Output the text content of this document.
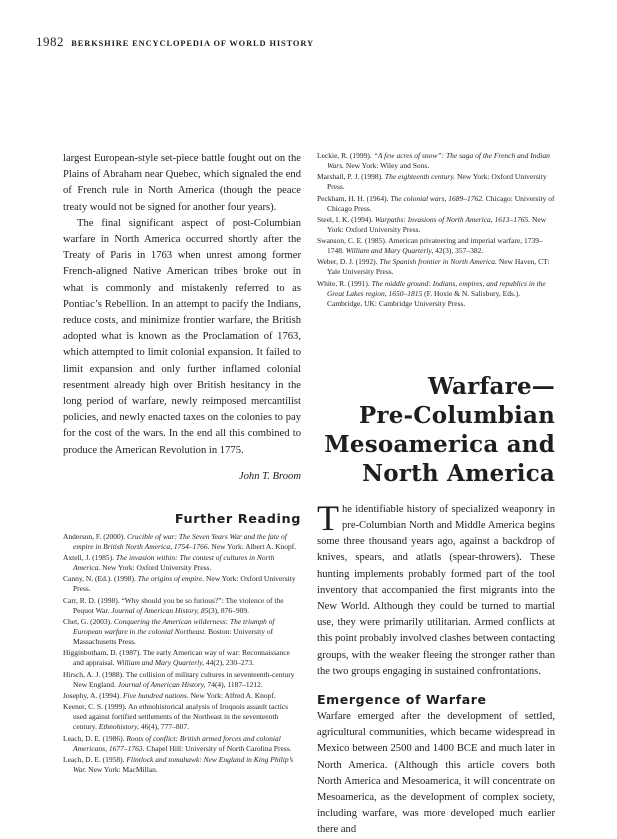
1982 BERKSHIRE ENCYCLOPEDIA OF WORLD HISTORY

largest European-style set-piece battle fought out on the Plains of Abraham near Quebec, which signaled the end of French rule in North America (though the peace treaty would not be signed for another four years).

The final significant aspect of post-Columbian warfare in North America occurred shortly after the Treaty of Paris in 1763 when unrest among former French-aligned Native American tribes broke out in what is commonly and mistakenly referred to as Pontiac’s Rebellion. In an attempt to pacify the Indians, reduce costs, and minimize frontier warfare, the British adopted what is known as the Proclamation of 1763, which attempted to limit colonial expansion. It failed to limit expansion and only further inflamed colonial resentment already high over British hesitancy in the long period of warfare, newly reimposed mercantilist policies, and newly enacted taxes on the colonies to pay for the cost of the wars. In the end all this combined to produce the American Revolution in 1775.

John T. Broom
Further Reading

Anderson, F. (2000). Crucible of war: The Seven Years War and the fate of empire in British North America, 1754–1766. New York: Albert A. Knopf.

Axtell, J. (1985). The invasion within: The contest of cultures in North America. New York: Oxford University Press.

Canny, N. (Ed.). (1998). The origins of empire. New York: Oxford University Press.

Carr, R. D. (1998). “Why should you be so furious?”: The violence of the Pequot War. Journal of American History, 85(3), 876–909.

Chet, G. (2003). Conquering the American wilderness: The triumph of European warfare in the colonial Northeast. Boston: University of Massachusetts Press.

Higginbotham, D. (1987). The early American way of war: Reconnaissance and appraisal. William and Mary Quarterly, 44(2), 230–273.

Hirsch, A. J. (1988). The collision of military cultures in seventeenth-century New England. Journal of American History, 74(4), 1187–1212.

Josephy, A. (1994). Five hundred nations. New York: Alfred A. Knopf.

Keener, C. S. (1999). An ethnohistorical analysis of Iroquois assault tactics used against fortified settlements of the Northeast in the seventeenth century. Ethnohistory, 46(4), 777–807.

Leach, D. E. (1986). Roots of conflict: British armed forces and colonial Americans, 1677–1763. Chapel Hill: University of North Carolina Press.

Leach, D. E. (1958). Flintlock and tomahawk: New England in King Philip’s War. New York: MacMillan.

Leckie, R. (1999). “A few acres of snow”: The saga of the French and Indian Wars. New York: Wiley and Sons.

Marshall, P. J. (1998). The eighteenth century. New York: Oxford University Press.

Peckham, H. H. (1964). The colonial wars, 1689–1762. Chicago: University of Chicago Press.

Steel, I. K. (1994). Warpaths: Invasions of North America, 1613–1765. New York: Oxford University Press.

Swanson, C. E. (1985). American privateering and imperial warfare, 1739–1748. William and Mary Quarterly, 42(3), 357–382.

Weber, D. J. (1992). The Spanish frontier in North America. New Haven, CT: Yale University Press.

White, R. (1991). The middle ground: Indians, empires, and republics in the Great Lakes region, 1650–1815 (F. Hoxie & N. Salisbury, Eds.). Cambridge, UK: Cambridge University Press.

Warfare—
Pre-Columbian
Mesoamerica and
North America

The identifiable history of specialized weaponry in pre-Columbian North and Middle America begins some three thousand years ago, against a backdrop of knives, spears, and atlatls (spear-throwers). These hunting implements probably formed part of the tool inventory that accompanied the first migrants into the New World. Although they could be turned to martial use, they were primarily utilitarian. Armed conflicts at this point probably involved clashes between contacting groups, with the weaker fleeing the stronger rather than the two groups engaging in sustained confrontations.

Emergence of Warfare

Warfare emerged after the development of settled, agricultural communities, which became widespread in Mexico between 2500 and 1400 BCE and much later in North America. (Although this article covers both North America and Mesoamerica, it will concentrate on Mesoamerica, as the development of complex society, including warfare, was more developed much earlier there and
